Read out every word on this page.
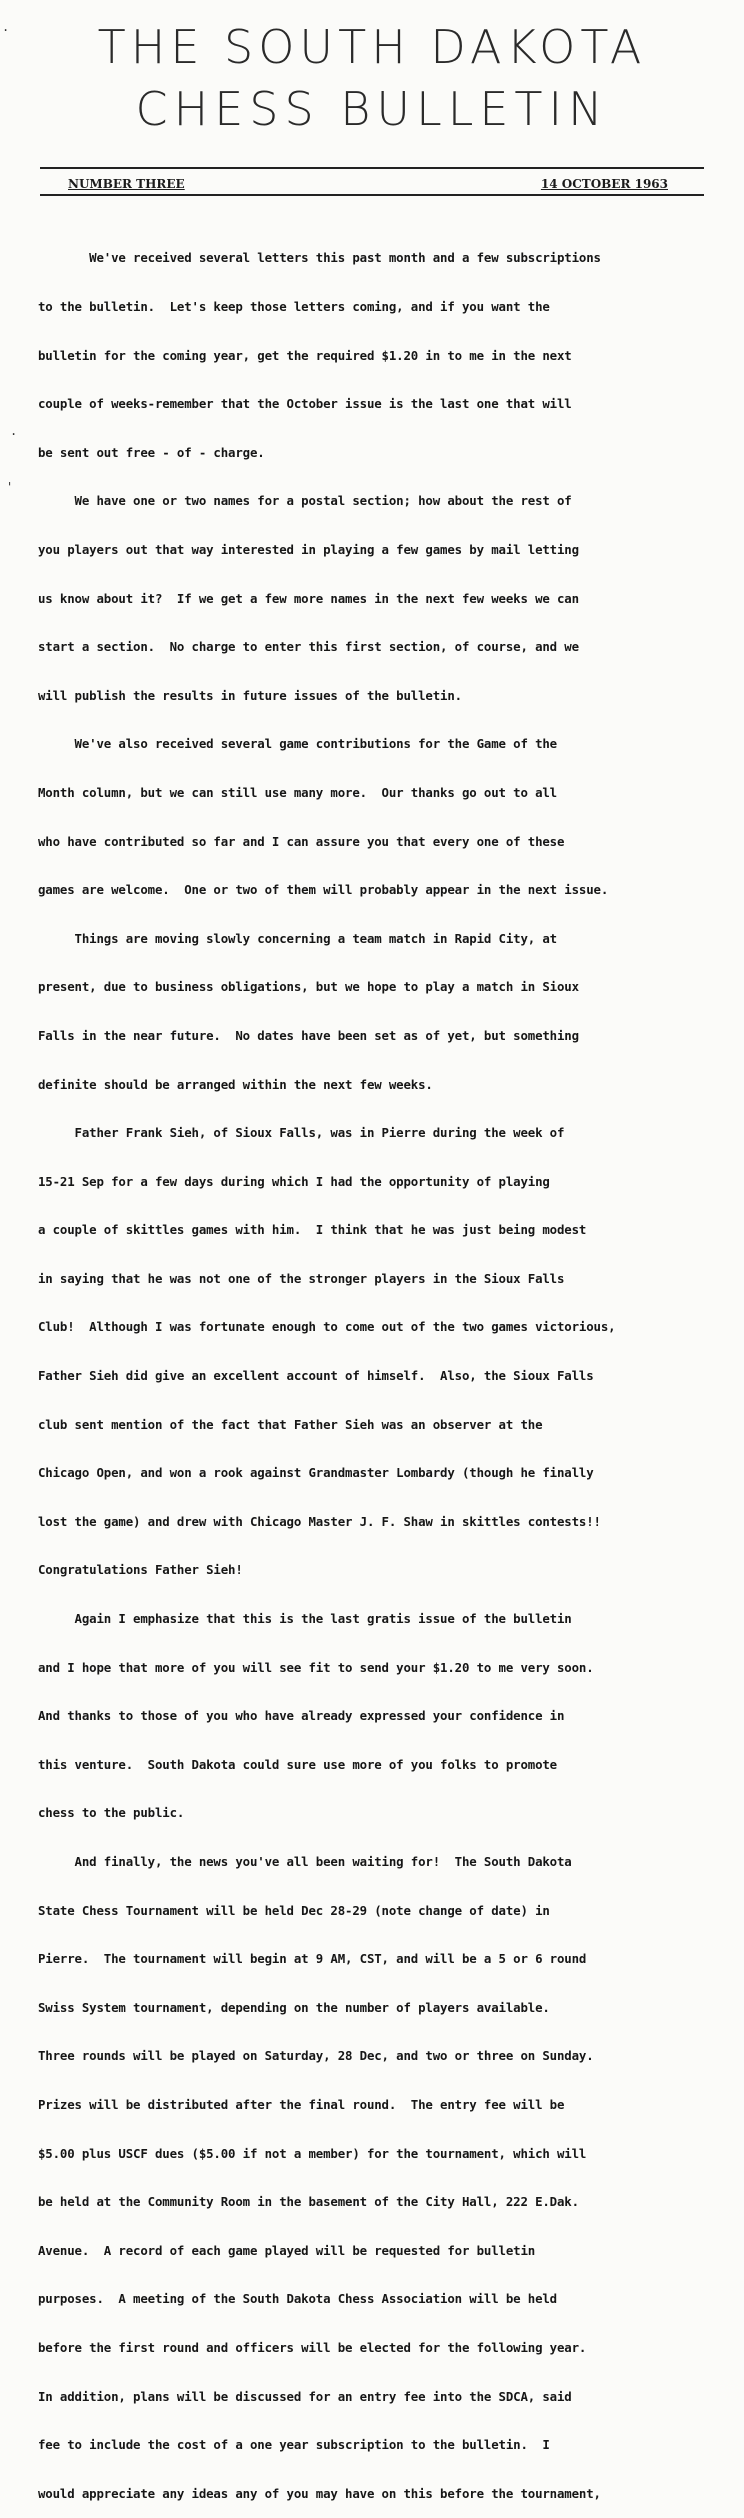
THE SOUTH DAKOTA
CHESS BULLETIN
NUMBER THREE	14 OCTOBER 1963
.
.
'

We've received several letters this past month and a few subscriptions

to the bulletin.  Let's keep those letters coming, and if you want the

bulletin for the coming year, get the required $1.20 in to me in the next

couple of weeks-remember that the October issue is the last one that will

be sent out free - of - charge.

We have one or two names for a postal section; how about the rest of

you players out that way interested in playing a few games by mail letting

us know about it?  If we get a few more names in the next few weeks we can

start a section.  No charge to enter this first section, of course, and we

will publish the results in future issues of the bulletin.

We've also received several game contributions for the Game of the

Month column, but we can still use many more.  Our thanks go out to all

who have contributed so far and I can assure you that every one of these

games are welcome.  One or two of them will probably appear in the next issue.

Things are moving slowly concerning a team match in Rapid City, at

present, due to business obligations, but we hope to play a match in Sioux

Falls in the near future.  No dates have been set as of yet, but something

definite should be arranged within the next few weeks.

Father Frank Sieh, of Sioux Falls, was in Pierre during the week of

15-21 Sep for a few days during which I had the opportunity of playing

a couple of skittles games with him.  I think that he was just being modest

in saying that he was not one of the stronger players in the Sioux Falls

Club!  Although I was fortunate enough to come out of the two games victorious,

Father Sieh did give an excellent account of himself.  Also, the Sioux Falls

club sent mention of the fact that Father Sieh was an observer at the

Chicago Open, and won a rook against Grandmaster Lombardy (though he finally

lost the game) and drew with Chicago Master J. F. Shaw in skittles contests!!

Congratulations Father Sieh!

Again I emphasize that this is the last gratis issue of the bulletin

and I hope that more of you will see fit to send your $1.20 to me very soon.

And thanks to those of you who have already expressed your confidence in

this venture.  South Dakota could sure use more of you folks to promote

chess to the public.

And finally, the news you've all been waiting for!  The South Dakota

State Chess Tournament will be held Dec 28-29 (note change of date) in

Pierre.  The tournament will begin at 9 AM, CST, and will be a 5 or 6 round

Swiss System tournament, depending on the number of players available.

Three rounds will be played on Saturday, 28 Dec, and two or three on Sunday.

Prizes will be distributed after the final round.  The entry fee will be

$5.00 plus USCF dues ($5.00 if not a member) for the tournament, which will

be held at the Community Room in the basement of the City Hall, 222 E.Dak.

Avenue.  A record of each game played will be requested for bulletin

purposes.  A meeting of the South Dakota Chess Association will be held

before the first round and officers will be elected for the following year.

In addition, plans will be discussed for an entry fee into the SDCA, said

fee to include the cost of a one year subscription to the bulletin.  I

would appreciate any ideas any of you may have on this before the tournament,
